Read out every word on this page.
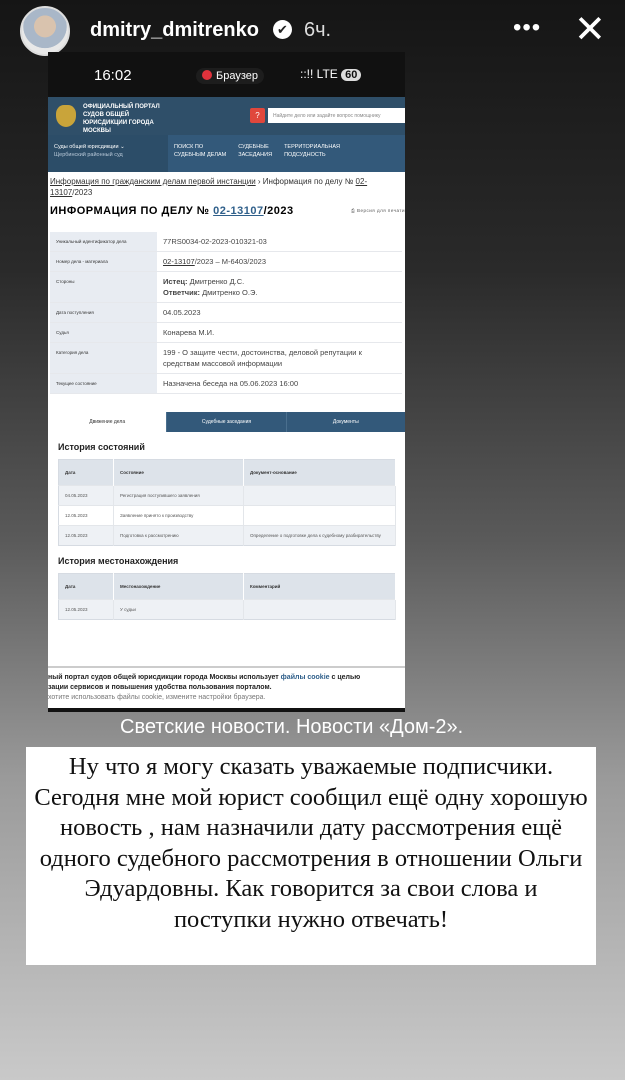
dmitry_dmitrenko	✔ 6ч.	••• ✕
16:02	Браузер	::!! LTE 60
ОФИЦИАЛЬНЫЙ ПОРТАЛ СУДОВ ОБЩЕЙ ЮРИСДИКЦИИ ГОРОДА МОСКВЫ
?	Найдите дело или задайте вопрос помощнику
Суды общей юрисдикции ⌄
Щербинский районный суд
ПОИСК ПО
СУДЕБНЫМ ДЕЛАМ
СУДЕБНЫЕ
ЗАСЕДАНИЯ
ТЕРРИТОРИАЛЬНАЯ
ПОДСУДНОСТЬ
Информация по гражданским делам первой инстанции › Информация по делу № 02-13107/2023
ИНФОРМАЦИЯ ПО ДЕЛУ № 02-13107/2023	⎙ Версия для печати
Уникальный идентификатор дела	77RS0034-02-2023-010321-03
Номер дела - материала	02-13107/2023 – М-6403/2023
Стороны	Истец: Дмитренко Д.С.
Ответчик: Дмитренко О.Э.
Дата поступления	04.05.2023
Судья	Конарева М.И.
Категория дела	199 - О защите чести, достоинства, деловой репутации к средствам массовой информации
Текущее состояние	Назначена беседа на 05.06.2023 16:00
Движение дела	Судебные заседания	Документы
История состояний
Дата	Состояние	Документ-основание
04.05.2023	Регистрация поступившего заявления	
12.05.2023	Заявление принято к производству	
12.05.2023	Подготовка к рассмотрению	Определение о подготовке дела к судебному разбирательству
История местонахождения
Дата	Местонахождение	Комментарий
12.05.2023	У судьи	
ный портал судов общей юрисдикции города Москвы использует файлы cookie с целью
зации сервисов и повышения удобства пользования порталом.
хотите использовать файлы cookie, измените настройки браузера.
Светские новости. Новости «Дом-2».
Ну что я могу сказать уважаемые подписчики. Сегодня мне мой юрист сообщил ещё одну хорошую новость , нам назначили дату рассмотрения ещё одного судебного рассмотрения в отношении Ольги Эдуардовны. Как говорится за свои слова и поступки нужно отвечать!
